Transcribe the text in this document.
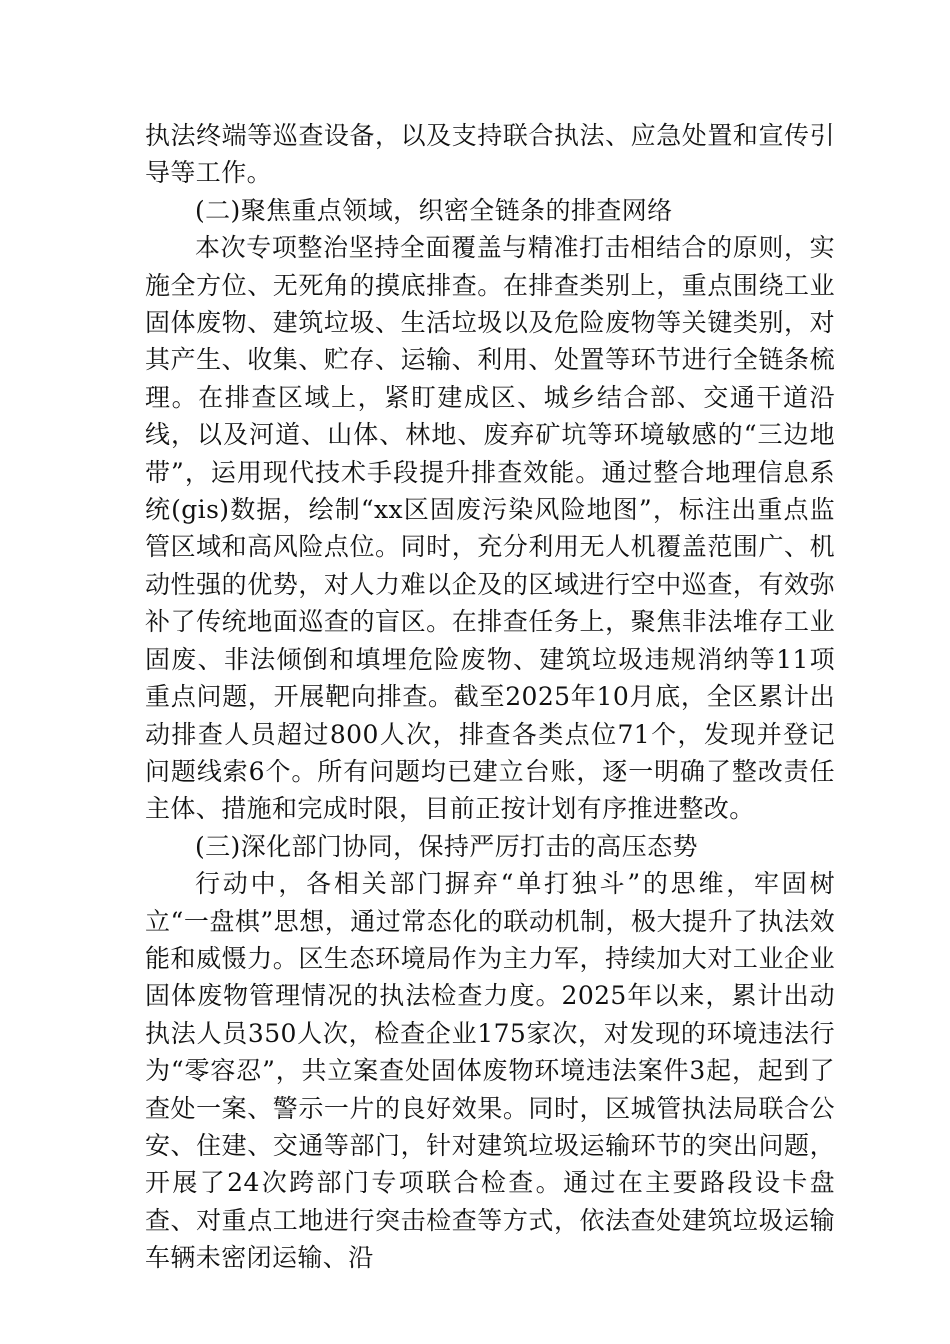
执法终端等巡查设备，以及支持联合执法、应急处置和宣传引导等工作。

(二)聚焦重点领域，织密全链条的排查网络

本次专项整治坚持全面覆盖与精准打击相结合的原则，实施全方位、无死角的摸底排查。在排查类别上，重点围绕工业固体废物、建筑垃圾、生活垃圾以及危险废物等关键类别，对其产生、收集、贮存、运输、利用、处置等环节进行全链条梳理。在排查区域上，紧盯建成区、城乡结合部、交通干道沿线，以及河道、山体、林地、废弃矿坑等环境敏感的“三边地带”，运用现代技术手段提升排查效能。通过整合地理信息系统(gis)数据，绘制“xx区固废污染风险地图”，标注出重点监管区域和高风险点位。同时，充分利用无人机覆盖范围广、机动性强的优势，对人力难以企及的区域进行空中巡查，有效弥补了传统地面巡查的盲区。在排查任务上，聚焦非法堆存工业固废、非法倾倒和填埋危险废物、建筑垃圾违规消纳等11项重点问题，开展靶向排查。截至2025年10月底，全区累计出动排查人员超过800人次，排查各类点位71个，发现并登记问题线索6个。所有问题均已建立台账，逐一明确了整改责任主体、措施和完成时限，目前正按计划有序推进整改。

(三)深化部门协同，保持严厉打击的高压态势

行动中，各相关部门摒弃“单打独斗”的思维，牢固树立“一盘棋”思想，通过常态化的联动机制，极大提升了执法效能和威慑力。区生态环境局作为主力军，持续加大对工业企业固体废物管理情况的执法检查力度。2025年以来，累计出动执法人员350人次，检查企业175家次，对发现的环境违法行为“零容忍”，共立案查处固体废物环境违法案件3起，起到了查处一案、警示一片的良好效果。同时，区城管执法局联合公安、住建、交通等部门，针对建筑垃圾运输环节的突出问题，开展了24次跨部门专项联合检查。通过在主要路段设卡盘查、对重点工地进行突击检查等方式，依法查处建筑垃圾运输车辆未密闭运输、沿
